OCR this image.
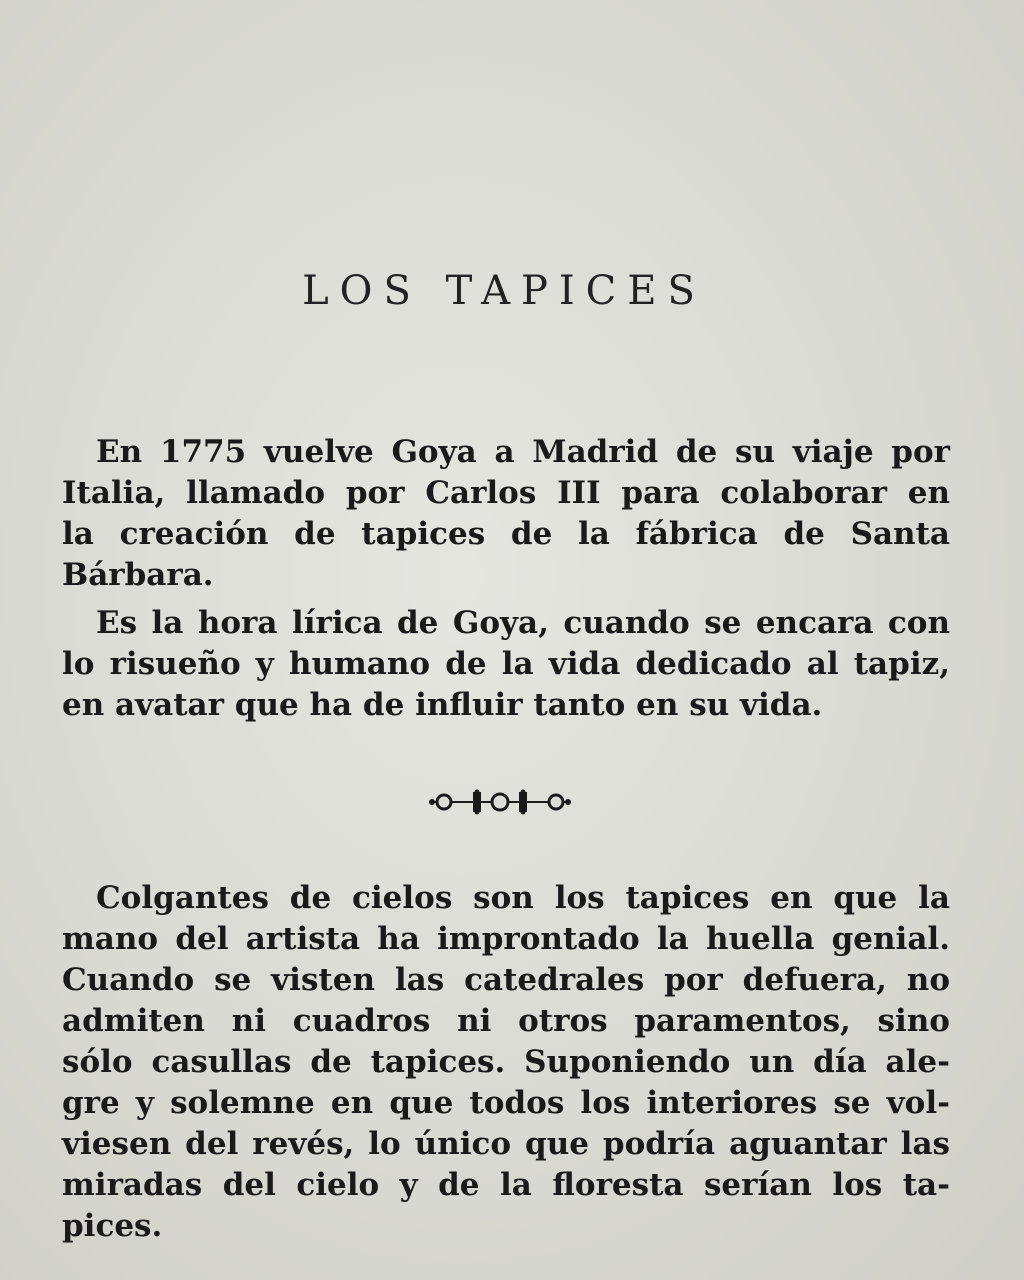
LOS TAPICES

En 1775 vuelve Goya a Madrid de su viaje por
Italia, llamado por Carlos III para colaborar en
la creación de tapices de la fábrica de Santa
Bárbara.

Es la hora lírica de Goya, cuando se encara con
lo risueño y humano de la vida dedicado al tapiz,
en avatar que ha de influir tanto en su vida.

Colgantes de cielos son los tapices en que la
mano del artista ha improntado la huella genial.
Cuando se visten las catedrales por defuera, no
admiten ni cuadros ni otros paramentos, sino
sólo casullas de tapices. Suponiendo un día ale-
gre y solemne en que todos los interiores se vol-
viesen del revés, lo único que podría aguantar las
miradas del cielo y de la floresta serían los ta-
pices.
